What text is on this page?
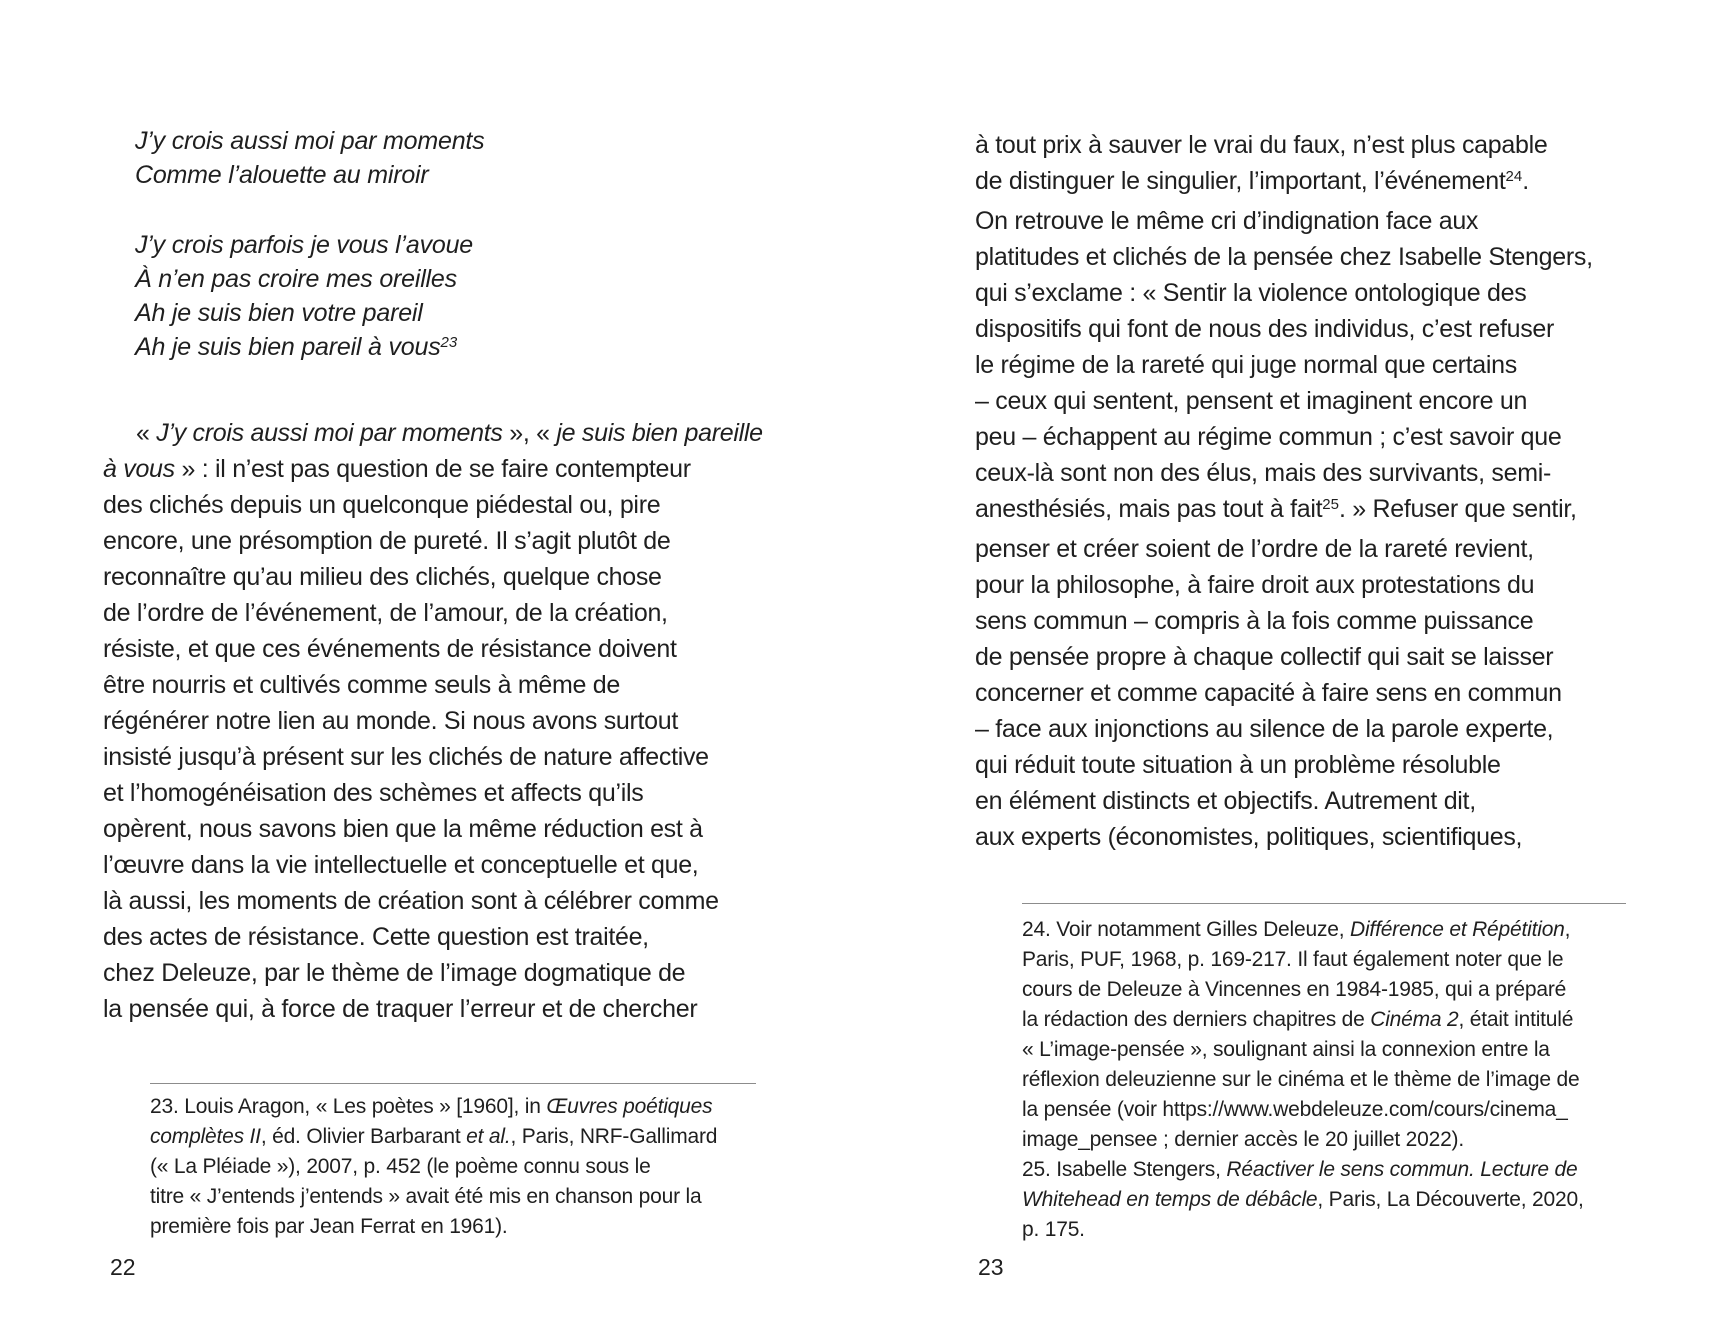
J’y crois aussi moi par moments
Comme l’alouette au miroir
J’y crois parfois je vous l’avoue
À n’en pas croire mes oreilles
Ah je suis bien votre pareil
Ah je suis bien pareil à vous$^{23}$
« J’y crois aussi moi par moments », « je suis bien pareille
à vous » : il n’est pas question de se faire contempteur
des clichés depuis un quelconque piédestal ou, pire
encore, une présomption de pureté. Il s’agit plutôt de
reconnaître qu’au milieu des clichés, quelque chose
de l’ordre de l’événement, de l’amour, de la création,
résiste, et que ces événements de résistance doivent
être nourris et cultivés comme seuls à même de
régénérer notre lien au monde. Si nous avons surtout
insisté jusqu’à présent sur les clichés de nature affective
et l’homogénéisation des schèmes et affects qu’ils
opèrent, nous savons bien que la même réduction est à
l’œuvre dans la vie intellectuelle et conceptuelle et que,
là aussi, les moments de création sont à célébrer comme
des actes de résistance. Cette question est traitée,
chez Deleuze, par le thème de l’image dogmatique de
la pensée qui, à force de traquer l’erreur et de chercher
23. Louis Aragon, « Les poètes » [1960], in Œuvres poétiques
complètes II, éd. Olivier Barbarant et al., Paris, NRF-Gallimard
(« La Pléiade »), 2007, p. 452 (le poème connu sous le
titre « J’entends j’entends » avait été mis en chanson pour la
première fois par Jean Ferrat en 1961).
22
à tout prix à sauver le vrai du faux, n’est plus capable
de distinguer le singulier, l’important, l’événement$^{24}$.
On retrouve le même cri d’indignation face aux
platitudes et clichés de la pensée chez Isabelle Stengers,
qui s’exclame : « Sentir la violence ontologique des
dispositifs qui font de nous des individus, c’est refuser
le régime de la rareté qui juge normal que certains
– ceux qui sentent, pensent et imaginent encore un
peu – échappent au régime commun ; c’est savoir que
ceux-là sont non des élus, mais des survivants, semi-
anesthésiés, mais pas tout à fait$^{25}$. » Refuser que sentir,
penser et créer soient de l’ordre de la rareté revient,
pour la philosophe, à faire droit aux protestations du
sens commun – compris à la fois comme puissance
de pensée propre à chaque collectif qui sait se laisser
concerner et comme capacité à faire sens en commun
– face aux injonctions au silence de la parole experte,
qui réduit toute situation à un problème résoluble
en élément distincts et objectifs. Autrement dit,
aux experts (économistes, politiques, scientifiques,
24. Voir notamment Gilles Deleuze, Différence et Répétition,
Paris, PUF, 1968, p. 169-217. Il faut également noter que le
cours de Deleuze à Vincennes en 1984-1985, qui a préparé
la rédaction des derniers chapitres de Cinéma 2, était intitulé
« L’image-pensée », soulignant ainsi la connexion entre la
réflexion deleuzienne sur le cinéma et le thème de l’image de
la pensée (voir https://www.webdeleuze.com/cours/cinema_
image_pensee ; dernier accès le 20 juillet 2022).
25. Isabelle Stengers, Réactiver le sens commun. Lecture de
Whitehead en temps de débâcle, Paris, La Découverte, 2020,
p. 175.
23
